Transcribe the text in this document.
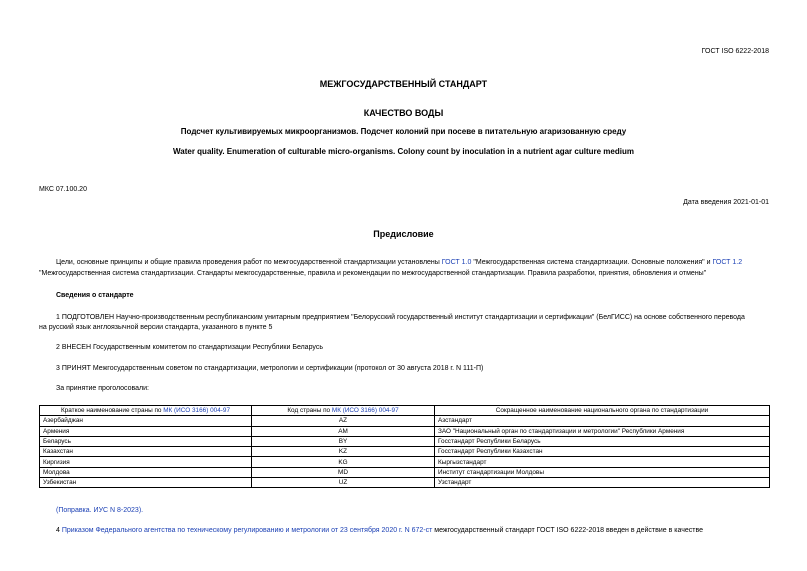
ГОСТ ISO 6222-2018
МЕЖГОСУДАРСТВЕННЫЙ СТАНДАРТ
КАЧЕСТВО ВОДЫ
Подсчет культивируемых микроорганизмов. Подсчет колоний при посеве в питательную агаризованную среду
Water quality. Enumeration of culturable micro-organisms. Colony count by inoculation in a nutrient agar culture medium
МКС 07.100.20
Дата введения 2021-01-01
Предисловие
Цели, основные принципы и общие правила проведения работ по межгосударственной стандартизации установлены ГОСТ 1.0 "Межгосударственная система стандартизации. Основные положения" и ГОСТ 1.2
"Межгосударственная система стандартизации. Стандарты межгосударственные, правила и рекомендации по межгосударственной стандартизации. Правила разработки, принятия, обновления и отмены"
Сведения о стандарте
1 ПОДГОТОВЛЕН Научно-производственным республиканским унитарным предприятием "Белорусский государственный институт стандартизации и сертификации" (БелГИСС) на основе собственного перевода
на русский язык англоязычной версии стандарта, указанного в пункте 5
2 ВНЕСЕН Государственным комитетом по стандартизации Республики Беларусь
3 ПРИНЯТ Межгосударственным советом по стандартизации, метрологии и сертификации (протокол от 30 августа 2018 г. N 111-П)
За принятие проголосовали:
Краткое наименование страны по МК (ИСО 3166) 004-97	Код страны по МК (ИСО 3166) 004-97	Сокращенное наименование национального органа по стандартизации
Азербайджан	AZ	Азстандарт
Армения	AM	ЗАО "Национальный орган по стандартизации и метрологии" Республики Армения
Беларусь	BY	Госстандарт Республики Беларусь
Казахстан	KZ	Госстандарт Республики Казахстан
Киргизия	KG	Кыргызстандарт
Молдова	MD	Институт стандартизации Молдовы
Узбекистан	UZ	Узстандарт
(Поправка. ИУС N 8-2023).
4 Приказом Федерального агентства по техническому регулированию и метрологии от 23 сентября 2020 г. N 672-ст межгосударственный стандарт ГОСТ ISO 6222-2018 введен в действие в качестве
